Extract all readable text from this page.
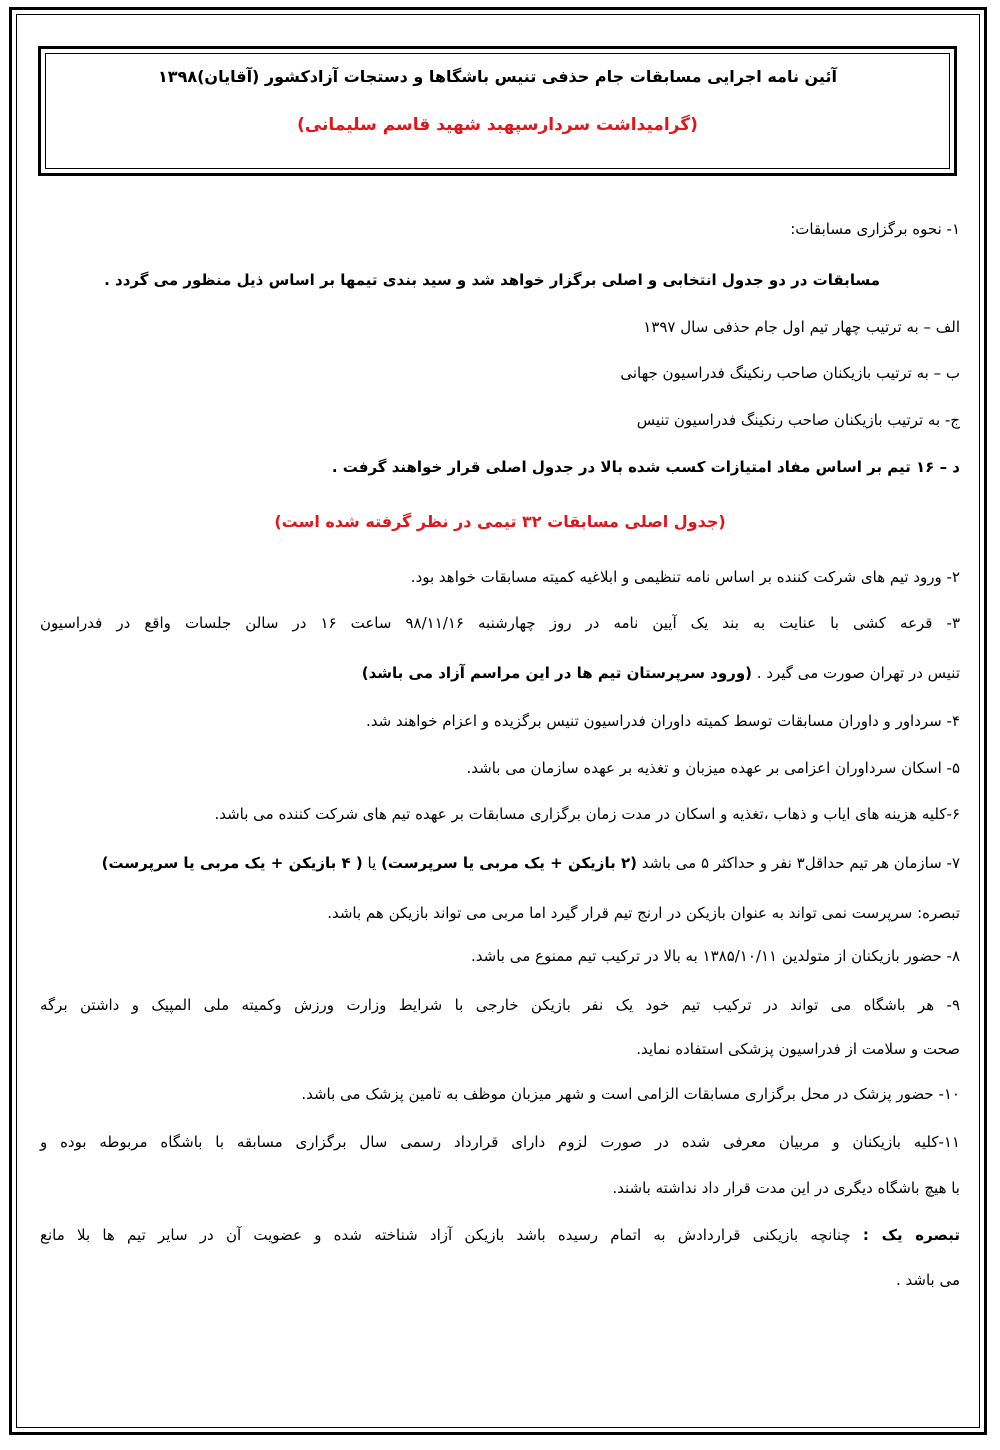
آئین نامه اجرایی مسابقات جام حذفی تنیس باشگاها و دستجات آزادکشور (آقایان)۱۳۹۸
(گرامیداشت سردارسپهبد شهید قاسم سلیمانی)
۱- نحوه برگزاری مسابقات:
مسابقات در دو جدول انتخابی و اصلی برگزار خواهد شد و سید بندی تیمها بر اساس ذیل منظور می گردد .
الف – به ترتیب چهار تیم اول جام حذفی سال ۱۳۹۷
ب – به ترتیب بازیکنان صاحب رنکینگ فدراسیون جهانی
ج- به ترتیب بازیکنان صاحب رنکینگ فدراسیون تنیس
د – ۱۶ تیم بر اساس مفاد امتیازات کسب شده بالا در جدول اصلی قرار خواهند گرفت .
(جدول اصلی مسابقات ۳۲ تیمی در نظر گرفته شده است)
۲- ورود تیم های شرکت کننده بر اساس نامه تنظیمی و ابلاغیه کمیته مسابقات خواهد بود.
۳- قرعه کشی با عنایت به بند یک آیین نامه در روز چهارشنبه ۹۸/۱۱/۱۶ ساعت ۱۶ در سالن جلسات واقع در فدراسیون
تنیس در تهران صورت می گیرد . (ورود سرپرستان تیم ها در این مراسم آزاد می باشد)
۴- سرداور و داوران مسابقات توسط کمیته داوران فدراسیون تنیس برگزیده و اعزام خواهند شد.
۵- اسکان سرداوران اعزامی بر عهده میزبان و تغذیه بر عهده سازمان می باشد.
۶-کلیه هزینه های ایاب و ذهاب ،تغذیه و اسکان در مدت زمان برگزاری مسابقات بر عهده تیم های شرکت کننده می باشد.
۷- سازمان هر تیم حداقل۳ نفر و حداکثر ۵ می باشد (۲ بازیکن + یک مربی یا سرپرست) یا ( ۴ بازیکن + یک مربی یا سرپرست)
تبصره: سرپرست نمی تواند به عنوان بازیکن در ارنج تیم قرار گیرد اما مربی می تواند بازیکن هم باشد.
۸- حضور بازیکنان از متولدین ۱۳۸۵/۱۰/۱۱ به بالا در ترکیب تیم ممنوع می باشد.
۹- هر باشگاه می تواند در ترکیب تیم خود یک نفر بازیکن خارجی با شرایط وزارت ورزش وکمیته ملی المپیک و داشتن برگه
صحت و سلامت از فدراسیون پزشکی استفاده نماید.
۱۰- حضور پزشک در محل برگزاری مسابقات الزامی است و شهر میزبان موظف به تامین پزشک می باشد.
۱۱-کلیه بازیکنان و مربیان معرفی شده در صورت لزوم دارای قرارداد رسمی سال برگزاری مسابقه با باشگاه مربوطه بوده و
با هیچ باشگاه دیگری در این مدت قرار داد نداشته باشند.
تبصره یک : چنانچه بازیکنی قراردادش به اتمام رسیده باشد بازیکن آزاد شناخته شده و عضویت آن در سایر تیم ها بلا مانع
می باشد .
